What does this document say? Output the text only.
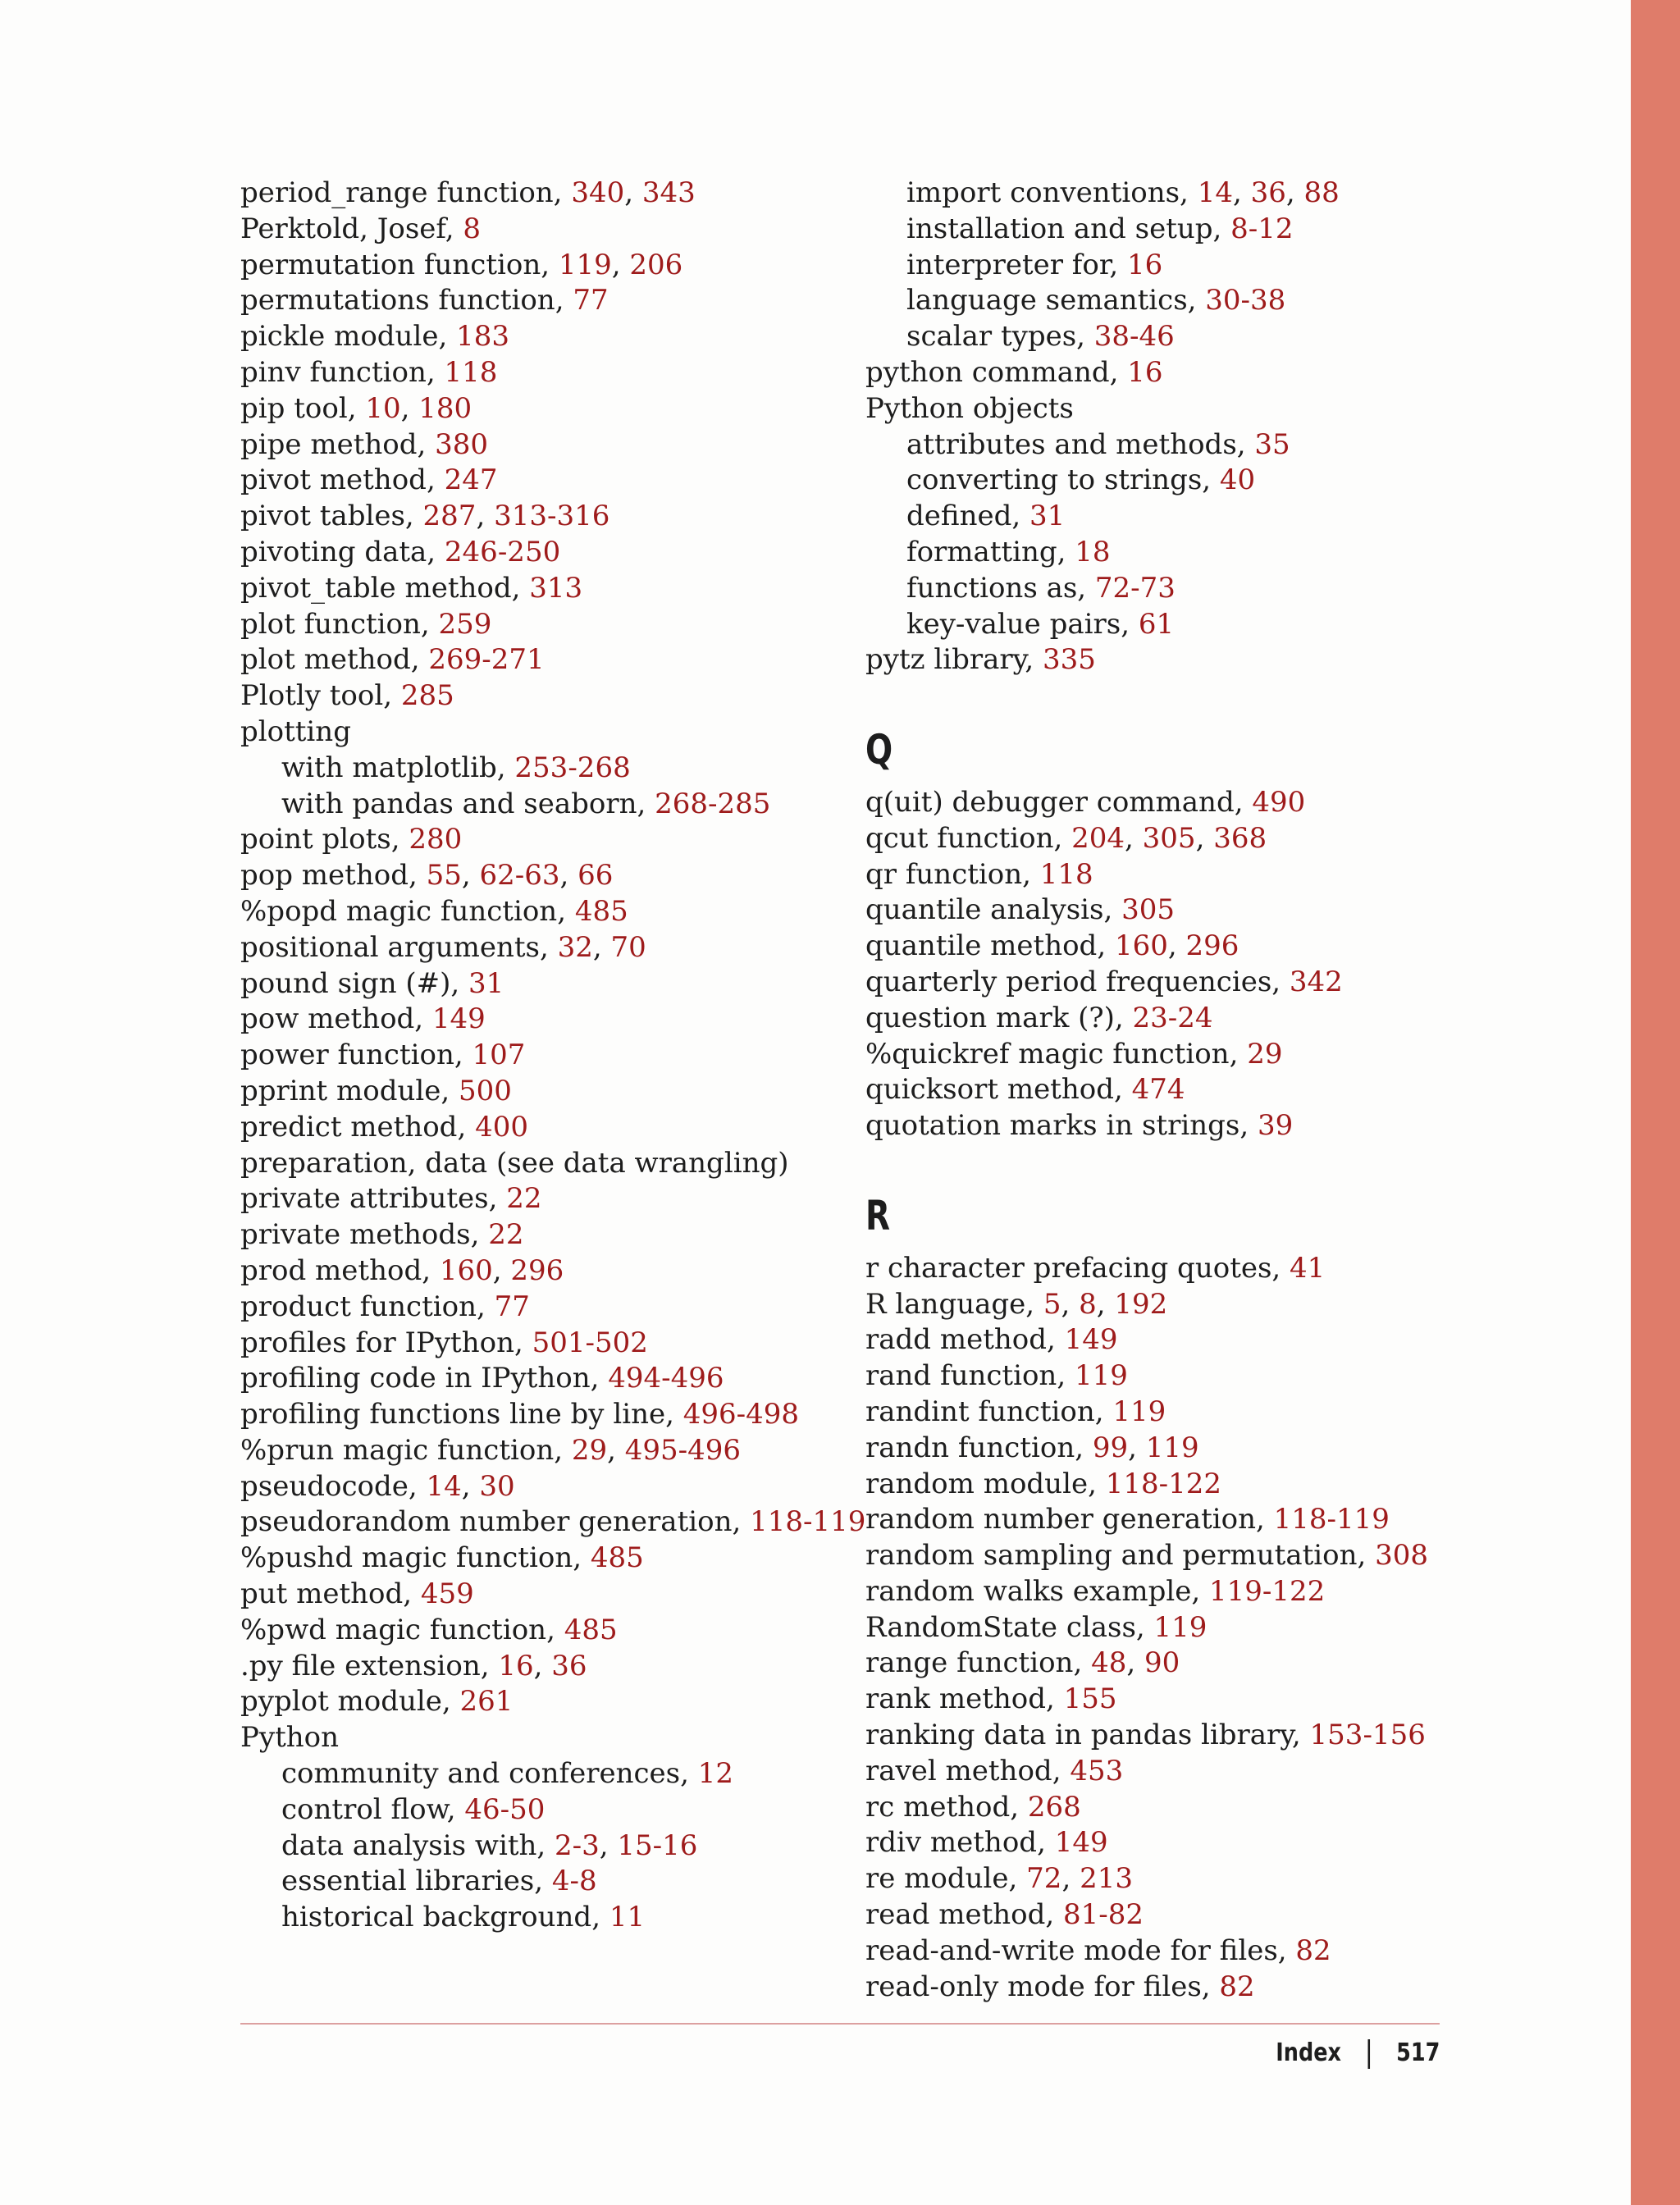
period_range function, 340, 343
Perktold, Josef, 8
permutation function, 119, 206
permutations function, 77
pickle module, 183
pinv function, 118
pip tool, 10, 180
pipe method, 380
pivot method, 247
pivot tables, 287, 313-316
pivoting data, 246-250
pivot_table method, 313
plot function, 259
plot method, 269-271
Plotly tool, 285
plotting
with matplotlib, 253-268
with pandas and seaborn, 268-285
point plots, 280
pop method, 55, 62-63, 66
%popd magic function, 485
positional arguments, 32, 70
pound sign (#), 31
pow method, 149
power function, 107
pprint module, 500
predict method, 400
preparation, data (see data wrangling)
private attributes, 22
private methods, 22
prod method, 160, 296
product function, 77
profiles for IPython, 501-502
profiling code in IPython, 494-496
profiling functions line by line, 496-498
%prun magic function, 29, 495-496
pseudocode, 14, 30
pseudorandom number generation, 118-119
%pushd magic function, 485
put method, 459
%pwd magic function, 485
.py file extension, 16, 36
pyplot module, 261
Python
community and conferences, 12
control flow, 46-50
data analysis with, 2-3, 15-16
essential libraries, 4-8
historical background, 11
import conventions, 14, 36, 88
installation and setup, 8-12
interpreter for, 16
language semantics, 30-38
scalar types, 38-46
python command, 16
Python objects
attributes and methods, 35
converting to strings, 40
defined, 31
formatting, 18
functions as, 72-73
key-value pairs, 61
pytz library, 335
Q
q(uit) debugger command, 490
qcut function, 204, 305, 368
qr function, 118
quantile analysis, 305
quantile method, 160, 296
quarterly period frequencies, 342
question mark (?), 23-24
%quickref magic function, 29
quicksort method, 474
quotation marks in strings, 39
R
r character prefacing quotes, 41
R language, 5, 8, 192
radd method, 149
rand function, 119
randint function, 119
randn function, 99, 119
random module, 118-122
random number generation, 118-119
random sampling and permutation, 308
random walks example, 119-122
RandomState class, 119
range function, 48, 90
rank method, 155
ranking data in pandas library, 153-156
ravel method, 453
rc method, 268
rdiv method, 149
re module, 72, 213
read method, 81-82
read-and-write mode for files, 82
read-only mode for files, 82
Index 517
